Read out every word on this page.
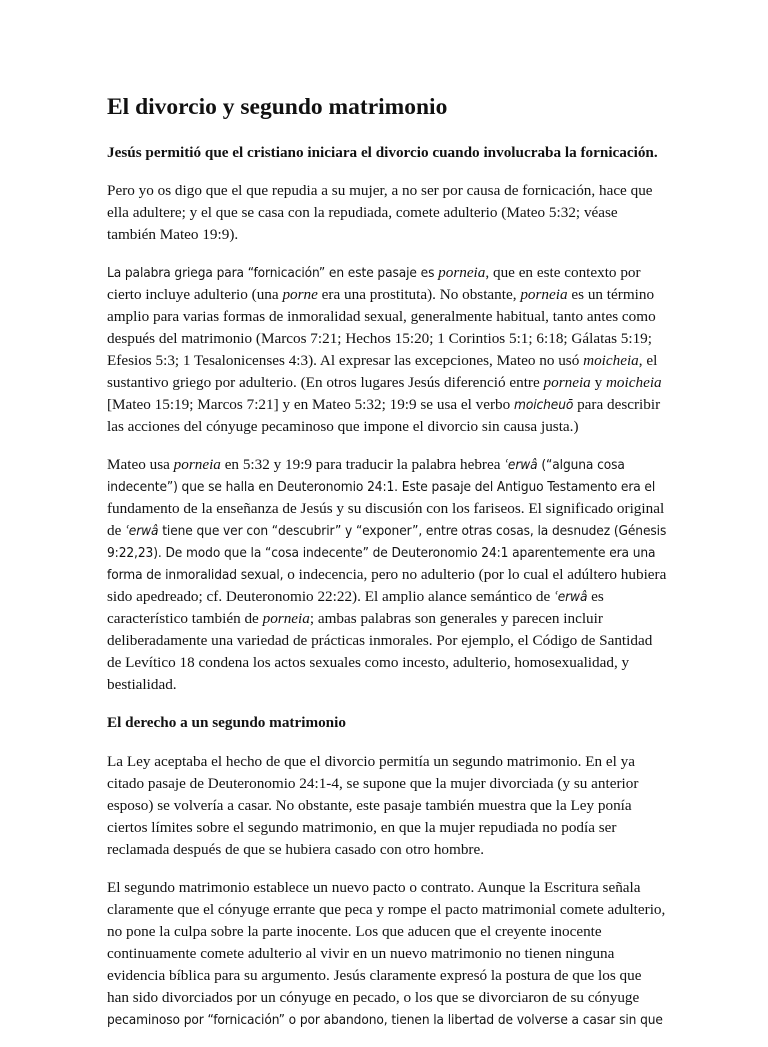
El divorcio y segundo matrimonio
Jesús permitió que el cristiano iniciara el divorcio cuando involucraba la fornicación.

Pero yo os digo que el que repudia a su mujer, a no ser por causa de fornicación, hace que ella adultere; y el que se casa con la repudiada, comete adulterio (Mateo 5:32; véase también Mateo 19:9).

La palabra griega para “fornicación” en este pasaje es porneia, que en este contexto por cierto incluye adulterio (una porne era una prostituta). No obstante, porneia es un término amplio para varias formas de inmoralidad sexual, generalmente habitual, tanto antes como después del matrimonio (Marcos 7:21; Hechos 15:20; 1 Corintios 5:1; 6:18; Gálatas 5:19; Efesios 5:3; 1 Tesalonicenses 4:3). Al expresar las excepciones, Mateo no usó moicheia, el sustantivo griego por adulterio. (En otros lugares Jesús diferenció entre porneia y moicheia [Mateo 15:19; Marcos 7:21] y en Mateo 5:32; 19:9 se usa el verbo moicheuō para describir las acciones del cónyuge pecaminoso que impone el divorcio sin causa justa.)

Mateo usa porneia en 5:32 y 19:9 para traducir la palabra hebrea ʿerwâ (“alguna cosa indecente”) que se halla en Deuteronomio 24:1. Este pasaje del Antiguo Testamento era el fundamento de la enseñanza de Jesús y su discusión con los fariseos. El significado original de ʿerwâ tiene que ver con “descubrir” y “exponer”, entre otras cosas, la desnudez (Génesis 9:22,23). De modo que la “cosa indecente” de Deuteronomio 24:1 aparentemente era una forma de inmoralidad sexual, o indecencia, pero no adulterio (por lo cual el adúltero hubiera sido apedreado; cf. Deuteronomio 22:22). El amplio alance semántico de ʿerwâ es característico también de porneia; ambas palabras son generales y parecen incluir deliberadamente una variedad de prácticas inmorales. Por ejemplo, el Código de Santidad de Levítico 18 condena los actos sexuales como incesto, adulterio, homosexualidad, y bestialidad.

El derecho a un segundo matrimonio

La Ley aceptaba el hecho de que el divorcio permitía un segundo matrimonio. En el ya citado pasaje de Deuteronomio 24:1-4, se supone que la mujer divorciada (y su anterior esposo) se volvería a casar. No obstante, este pasaje también muestra que la Ley ponía ciertos límites sobre el segundo matrimonio, en que la mujer repudiada no podía ser reclamada después de que se hubiera casado con otro hombre.

El segundo matrimonio establece un nuevo pacto o contrato. Aunque la Escritura señala claramente que el cónyuge errante que peca y rompe el pacto matrimonial comete adulterio, no pone la culpa sobre la parte inocente. Los que aducen que el creyente inocente continuamente comete adulterio al vivir en un nuevo matrimonio no tienen ninguna evidencia bíblica para su argumento. Jesús claramente expresó la postura de que los que han sido divorciados por un cónyuge en pecado, o los que se divorciaron de su cónyuge pecaminoso por “fornicación” o por abandono, tienen la libertad de volverse a casar sin que
